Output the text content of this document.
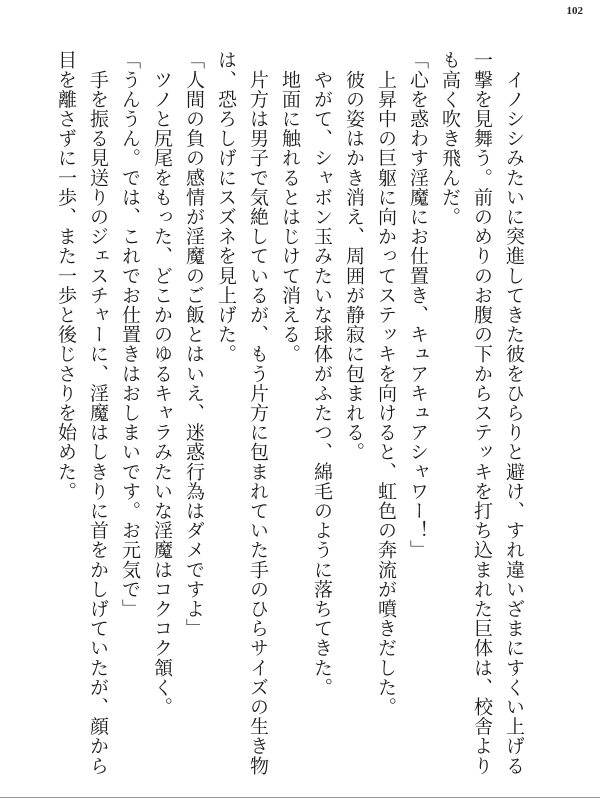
102

　イノシシみたいに突進してきた彼をひらりと避け、すれ違いざまにすくい上げる一撃を見舞う。前のめりのお腹の下からステッキを打ち込まれた巨体は、校舎よりも高く吹き飛んだ。

「心を惑わす淫魔にお仕置き、キュアキュアシャワー！」

　上昇中の巨躯に向かってステッキを向けると、虹色の奔流が噴きだした。

　彼の姿はかき消え、周囲が静寂に包まれる。

　やがて、シャボン玉みたいな球体がふたつ、綿毛のように落ちてきた。

　地面に触れるとはじけて消える。

　片方は男子で気絶しているが、もう片方に包まれていた手のひらサイズの生き物は、恐ろしげにスズネを見上げた。

「人間の負の感情が淫魔のご飯とはいえ、迷惑行為はダメですよ」

　ツノと尻尾をもった、どこかのゆるキャラみたいな淫魔はコクコク頷く。

「うんうん。では、これでお仕置きはおしまいです。お元気で」

　手を振る見送りのジェスチャーに、淫魔はしきりに首をかしげていたが、顔から目を離さずに一歩、また一歩と後じさりを始めた。
